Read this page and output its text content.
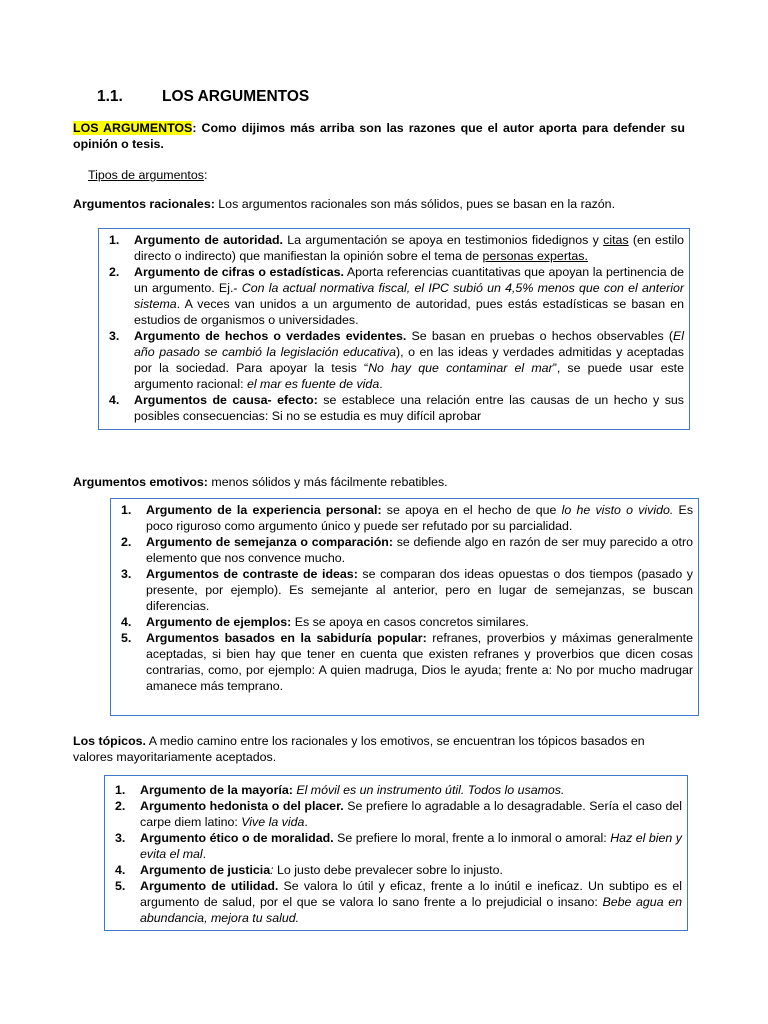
1.1.	LOS ARGUMENTOS
LOS ARGUMENTOS: Como dijimos más arriba son las razones que el autor aporta para defender su opinión o tesis.
Tipos de argumentos:
Argumentos racionales: Los argumentos racionales son más sólidos, pues se basan en la razón.
1. Argumento de autoridad. La argumentación se apoya en testimonios fidedignos y citas (en estilo directo o indirecto) que manifiestan la opinión sobre el tema de personas expertas.
2. Argumento de cifras o estadísticas. Aporta referencias cuantitativas que apoyan la pertinencia de un argumento. Ej.- Con la actual normativa fiscal, el IPC subió un 4,5% menos que con el anterior sistema. A veces van unidos a un argumento de autoridad, pues estás estadísticas se basan en estudios de organismos o universidades.
3. Argumento de hechos o verdades evidentes. Se basan en pruebas o hechos observables (El año pasado se cambió la legislación educativa), o en las ideas y verdades admitidas y aceptadas por la sociedad. Para apoyar la tesis “No hay que contaminar el mar”, se puede usar este argumento racional: el mar es fuente de vida.
4. Argumentos de causa- efecto: se establece una relación entre las causas de un hecho y sus posibles consecuencias: Si no se estudia es muy difícil aprobar
Argumentos emotivos: menos sólidos y más fácilmente rebatibles.
1. Argumento de la experiencia personal: se apoya en el hecho de que lo he visto o vivido. Es poco riguroso como argumento único y puede ser refutado por su parcialidad.
2. Argumento de semejanza o comparación: se defiende algo en razón de ser muy parecido a otro elemento que nos convence mucho.
3. Argumentos de contraste de ideas: se comparan dos ideas opuestas o dos tiempos (pasado y presente, por ejemplo). Es semejante al anterior, pero en lugar de semejanzas, se buscan diferencias.
4. Argumento de ejemplos: Es se apoya en casos concretos similares.
5. Argumentos basados en la sabiduría popular: refranes, proverbios y máximas generalmente aceptadas, si bien hay que tener en cuenta que existen refranes y proverbios que dicen cosas contrarias, como, por ejemplo: A quien madruga, Dios le ayuda; frente a: No por mucho madrugar amanece más temprano.
Los tópicos. A medio camino entre los racionales y los emotivos, se encuentran los tópicos basados en valores mayoritariamente aceptados.
1. Argumento de la mayoría: El móvil es un instrumento útil. Todos lo usamos.
2. Argumento hedonista o del placer. Se prefiere lo agradable a lo desagradable. Sería el caso del carpe diem latino: Vive la vida.
3. Argumento ético o de moralidad. Se prefiere lo moral, frente a lo inmoral o amoral: Haz el bien y evita el mal.
4. Argumento de justicia: Lo justo debe prevalecer sobre lo injusto.
5. Argumento de utilidad. Se valora lo útil y eficaz, frente a lo inútil e ineficaz. Un subtipo es el argumento de salud, por el que se valora lo sano frente a lo prejudicial o insano: Bebe agua en abundancia, mejora tu salud.
